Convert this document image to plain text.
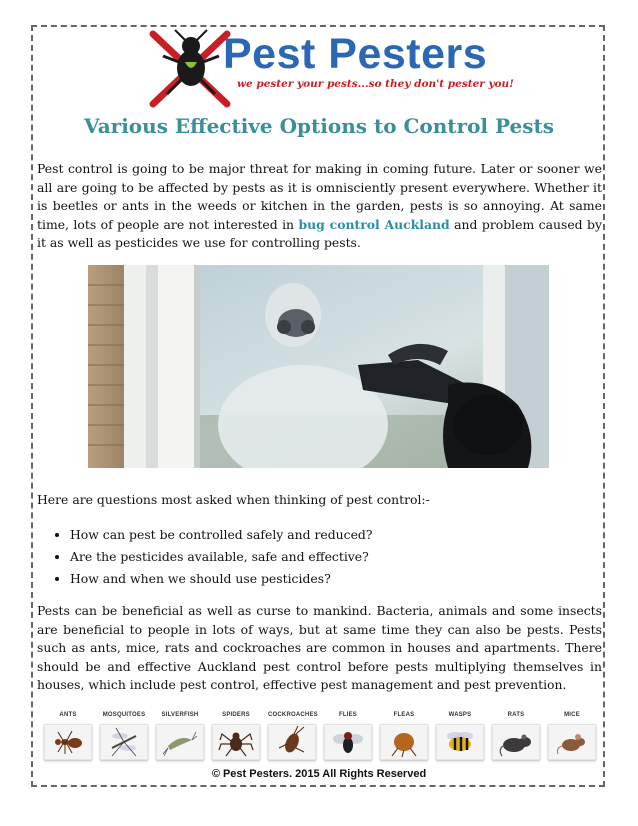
Pest Pesters
we pester your pests...so they don't pester you!
Various Effective Options to Control Pests

Pest control is going to be major threat for making in coming future. Later or sooner we all are going to be affected by pests as it is omnisciently present everywhere. Whether it is beetles or ants in the weeds or kitchen in the garden, pests is so annoying. At same time, lots of people are not interested in bug control Auckland and problem caused by it as well as pesticides we use for controlling pests.

Here are questions most asked when thinking of pest control:-

• How can pest be controlled safely and reduced?
• Are the pesticides available, safe and effective?
• How and when we should use pesticides?

Pests can be beneficial as well as curse to mankind. Bacteria, animals and some insects are beneficial to people in lots of ways, but at same time they can also be pests. Pests such as ants, mice, rats and cockroaches are common in houses and apartments. There should be and effective Auckland pest control before pests multiplying themselves in houses, which include pest control, effective pest management and pest prevention.

ANTS	MOSQUITOES	SILVERFISH	SPIDERS	COCKROACHES	FLIES	FLEAS	WASPS	RATS	MICE
© Pest Pesters. 2015 All Rights Reserved
